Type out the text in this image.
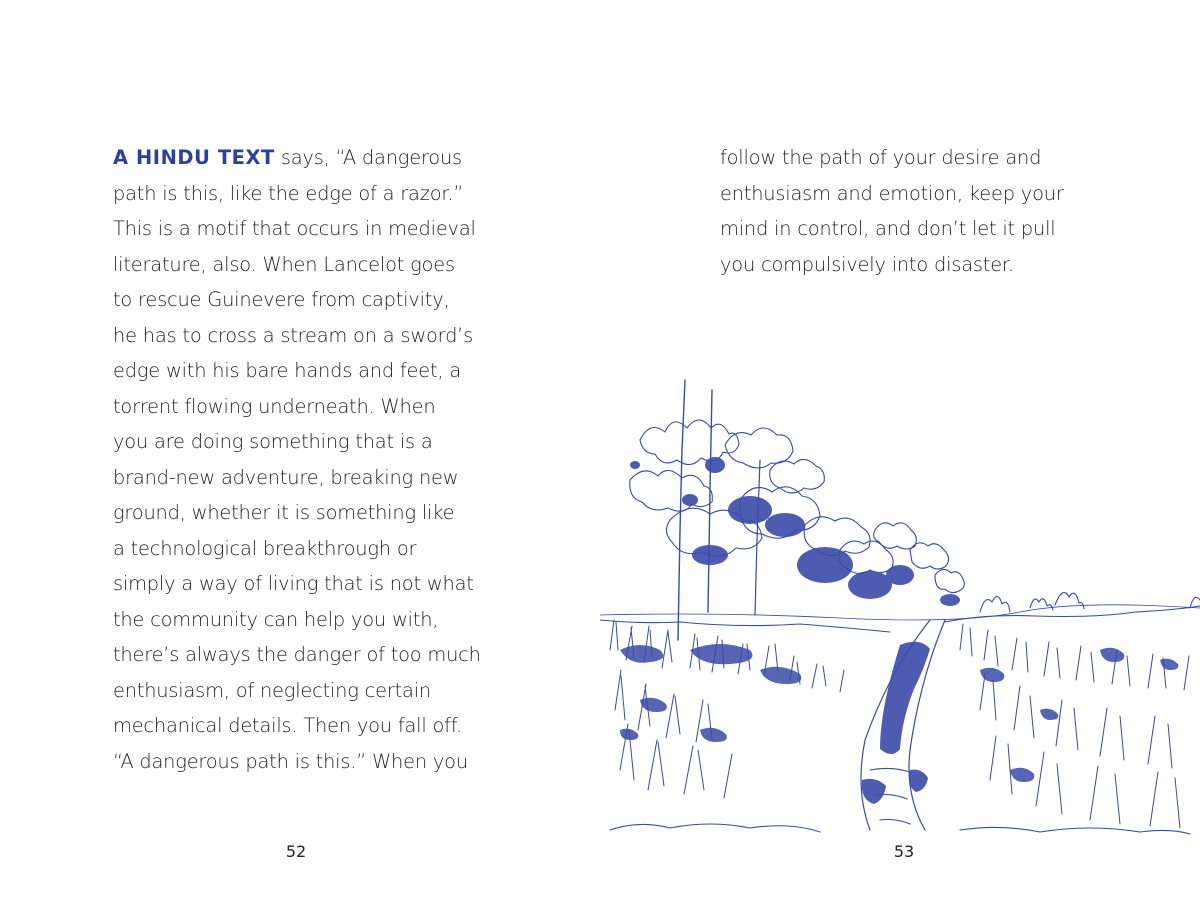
A HINDU TEXT says, “A dangerous
path is this, like the edge of a razor.”
This is a motif that occurs in medieval
literature, also. When Lancelot goes
to rescue Guinevere from captivity,
he has to cross a stream on a sword’s
edge with his bare hands and feet, a
torrent flowing underneath. When
you are doing something that is a
brand-new adventure, breaking new
ground, whether it is something like
a technological breakthrough or
simply a way of living that is not what
the community can help you with,
there’s always the danger of too much
enthusiasm, of neglecting certain
mechanical details. Then you fall off.
“A dangerous path is this.” When you
52
follow the path of your desire and
enthusiasm and emotion, keep your
mind in control, and don’t let it pull
you compulsively into disaster.
53
